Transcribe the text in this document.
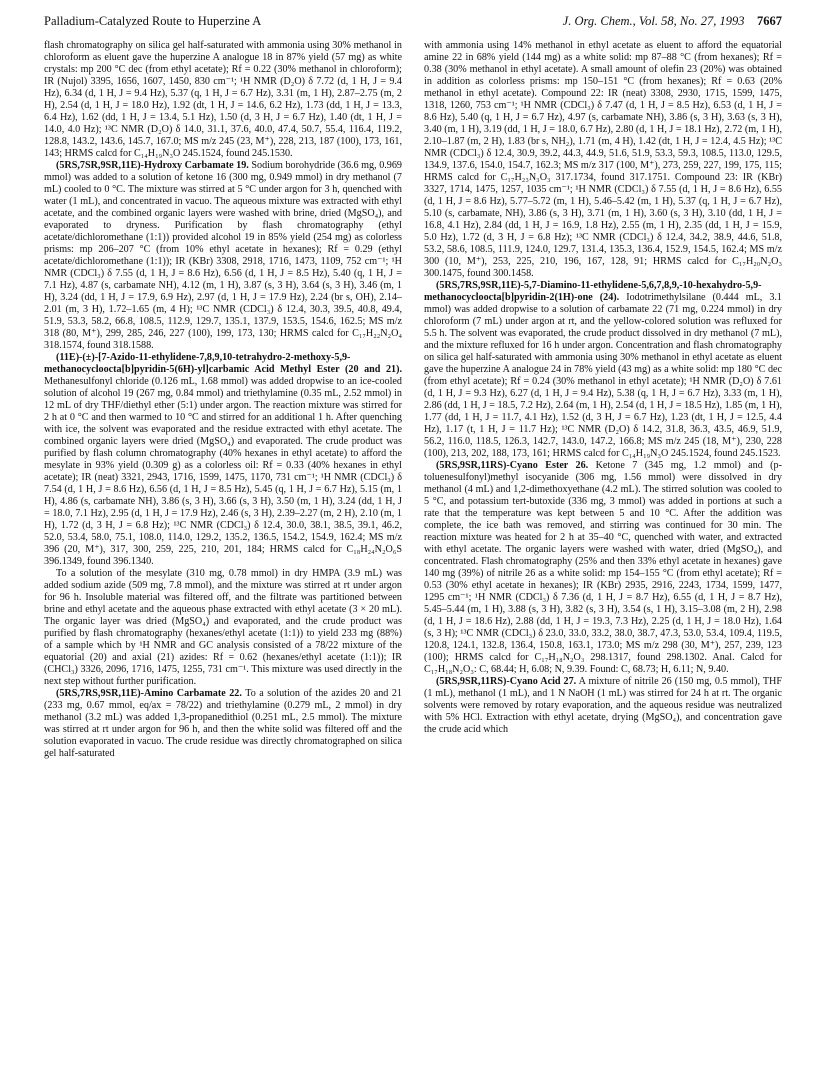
Palladium-Catalyzed Route to Huperzine A	J. Org. Chem., Vol. 58, No. 27, 1993 7667

flash chromatography on silica gel half-saturated with ammonia using 30% methanol in chloroform as eluent gave the huperzine A analogue 18 in 87% yield (57 mg) as white crystals: mp 200 °C dec (from ethyl acetate); Rf = 0.22 (30% methanol in chloroform); IR (Nujol) 3395, 1656, 1607, 1450, 830 cm⁻¹; ¹H NMR (D₂O) δ 7.72 (d, 1 H, J = 9.4 Hz), 6.34 (d, 1 H, J = 9.4 Hz), 5.37 (q, 1 H, J = 6.7 Hz), 3.31 (m, 1 H), 2.87–2.75 (m, 2 H), 2.54 (d, 1 H, J = 18.0 Hz), 1.92 (dt, 1 H, J = 14.6, 6.2 Hz), 1.73 (dd, 1 H, J = 13.3, 6.4 Hz), 1.62 (dd, 1 H, J = 13.4, 5.1 Hz), 1.50 (d, 3 H, J = 6.7 Hz), 1.40 (dt, 1 H, J = 14.0, 4.0 Hz); ¹³C NMR (D₂O) δ 14.0, 31.1, 37.6, 40.0, 47.4, 50.7, 55.4, 116.4, 119.2, 128.8, 143.2, 143.6, 145.7, 167.0; MS m/z 245 (23, M⁺), 228, 213, 187 (100), 173, 161, 143; HRMS calcd for C₁₄H₁₉N₃O 245.1524, found 245.1530.

(5RS,7SR,9SR,11E)-Hydroxy Carbamate 19. Sodium borohydride (36.6 mg, 0.969 mmol) was added to a solution of ketone 16 (300 mg, 0.949 mmol) in dry methanol (7 mL) cooled to 0 °C. The mixture was stirred at 5 °C under argon for 3 h, quenched with water (1 mL), and concentrated in vacuo. The aqueous mixture was extracted with ethyl acetate, and the combined organic layers were washed with brine, dried (MgSO₄), and evaporated to dryness. Purification by flash chromatography (ethyl acetate/dichloromethane (1:1)) provided alcohol 19 in 85% yield (254 mg) as colorless prisms: mp 206–207 °C (from 10% ethyl acetate in hexanes); Rf = 0.29 (ethyl acetate/dichloromethane (1:1)); IR (KBr) 3308, 2918, 1716, 1473, 1109, 752 cm⁻¹; ¹H NMR (CDCl₃) δ 7.55 (d, 1 H, J = 8.6 Hz), 6.56 (d, 1 H, J = 8.5 Hz), 5.40 (q, 1 H, J = 7.1 Hz), 4.87 (s, carbamate NH), 4.12 (m, 1 H), 3.87 (s, 3 H), 3.64 (s, 3 H), 3.46 (m, 1 H), 3.24 (dd, 1 H, J = 17.9, 6.9 Hz), 2.97 (d, 1 H, J = 17.9 Hz), 2.24 (br s, OH), 2.14–2.01 (m, 3 H), 1.72–1.65 (m, 4 H); ¹³C NMR (CDCl₃) δ 12.4, 30.3, 39.5, 40.8, 49.4, 51.9, 53.3, 58.2, 66.8, 108.5, 112.9, 129.7, 135.1, 137.9, 153.5, 154.6, 162.5; MS m/z 318 (80, M⁺), 299, 285, 246, 227 (100), 199, 173, 130; HRMS calcd for C₁₇H₂₂N₂O₄ 318.1574, found 318.1588.

(11E)-(±)-[7-Azido-11-ethylidene-7,8,9,10-tetrahydro-2-methoxy-5,9-methanocycloocta[b]pyridin-5(6H)-yl]carbamic Acid Methyl Ester (20 and 21). Methanesulfonyl chloride (0.126 mL, 1.68 mmol) was added dropwise to an ice-cooled solution of alcohol 19 (267 mg, 0.84 mmol) and triethylamine (0.35 mL, 2.52 mmol) in 12 mL of dry THF/diethyl ether (5:1) under argon. The reaction mixture was stirred for 2 h at 0 °C and then warmed to 10 °C and stirred for an additional 1 h. After quenching with ice, the solvent was evaporated and the residue extracted with ethyl acetate. The combined organic layers were dried (MgSO₄) and evaporated. The crude product was purified by flash column chromatography (40% hexanes in ethyl acetate) to afford the mesylate in 93% yield (0.309 g) as a colorless oil: Rf = 0.33 (40% hexanes in ethyl acetate); IR (neat) 3321, 2943, 1716, 1599, 1475, 1170, 731 cm⁻¹; ¹H NMR (CDCl₃) δ 7.54 (d, 1 H, J = 8.6 Hz), 6.56 (d, 1 H, J = 8.5 Hz), 5.45 (q, 1 H, J = 6.7 Hz), 5.15 (m, 1 H), 4.86 (s, carbamate NH), 3.86 (s, 3 H), 3.66 (s, 3 H), 3.50 (m, 1 H), 3.24 (dd, 1 H, J = 18.0, 7.1 Hz), 2.95 (d, 1 H, J = 17.9 Hz), 2.46 (s, 3 H), 2.39–2.27 (m, 2 H), 2.10 (m, 1 H), 1.72 (d, 3 H, J = 6.8 Hz); ¹³C NMR (CDCl₃) δ 12.4, 30.0, 38.1, 38.5, 39.1, 46.2, 52.0, 53.4, 58.0, 75.1, 108.0, 114.0, 129.2, 135.2, 136.5, 154.2, 154.9, 162.4; MS m/z 396 (20, M⁺), 317, 300, 259, 225, 210, 201, 184; HRMS calcd for C₁₈H₂₄N₂O₆S 396.1349, found 396.1340.

To a solution of the mesylate (310 mg, 0.78 mmol) in dry HMPA (3.9 mL) was added sodium azide (509 mg, 7.8 mmol), and the mixture was stirred at rt under argon for 96 h. Insoluble material was filtered off, and the filtrate was partitioned between brine and ethyl acetate and the aqueous phase extracted with ethyl acetate (3 × 20 mL). The organic layer was dried (MgSO₄) and evaporated, and the crude product was purified by flash chromatography (hexanes/ethyl acetate (1:1)) to yield 233 mg (88%) of a sample which by ¹H NMR and GC analysis consisted of a 78/22 mixture of the equatorial (20) and axial (21) azides: Rf = 0.62 (hexanes/ethyl acetate (1:1)); IR (CHCl₃) 3326, 2096, 1716, 1475, 1255, 731 cm⁻¹. This mixture was used directly in the next step without further purification.

(5RS,7RS,9SR,11E)-Amino Carbamate 22. To a solution of the azides 20 and 21 (233 mg, 0.67 mmol, eq/ax = 78/22) and triethylamine (0.279 mL, 2 mmol) in dry methanol (3.2 mL) was added 1,3-propanedithiol (0.251 mL, 2.5 mmol). The mixture was stirred at rt under argon for 96 h, and then the white solid was filtered off and the solution evaporated in vacuo. The crude residue was directly chromatographed on silica gel half-saturated

with ammonia using 14% methanol in ethyl acetate as eluent to afford the equatorial amine 22 in 68% yield (144 mg) as a white solid: mp 87–88 °C (from hexanes); Rf = 0.38 (30% methanol in ethyl acetate). A small amount of olefin 23 (20%) was obtained in addition as colorless prisms: mp 150–151 °C (from hexanes); Rf = 0.63 (20% methanol in ethyl acetate). Compound 22: IR (neat) 3308, 2930, 1715, 1599, 1475, 1318, 1260, 753 cm⁻¹; ¹H NMR (CDCl₃) δ 7.47 (d, 1 H, J = 8.5 Hz), 6.53 (d, 1 H, J = 8.6 Hz), 5.40 (q, 1 H, J = 6.7 Hz), 4.97 (s, carbamate NH), 3.86 (s, 3 H), 3.63 (s, 3 H), 3.40 (m, 1 H), 3.19 (dd, 1 H, J = 18.0, 6.7 Hz), 2.80 (d, 1 H, J = 18.1 Hz), 2.72 (m, 1 H), 2.10–1.87 (m, 2 H), 1.83 (br s, NH₂), 1.71 (m, 4 H), 1.42 (dt, 1 H, J = 12.4, 4.5 Hz); ¹³C NMR (CDCl₃) δ 12.4, 30.9, 39.2, 44.3, 44.9, 51.6, 51.9, 53.3, 59.3, 108.5, 113.0, 129.5, 134.9, 137.6, 154.0, 154.7, 162.3; MS m/z 317 (100, M⁺), 273, 259, 227, 199, 175, 115; HRMS calcd for C₁₇H₂₃N₃O₃ 317.1734, found 317.1751. Compound 23: IR (KBr) 3327, 1714, 1475, 1257, 1035 cm⁻¹; ¹H NMR (CDCl₃) δ 7.55 (d, 1 H, J = 8.6 Hz), 6.55 (d, 1 H, J = 8.6 Hz), 5.77–5.72 (m, 1 H), 5.46–5.42 (m, 1 H), 5.37 (q, 1 H, J = 6.7 Hz), 5.10 (s, carbamate, NH), 3.86 (s, 3 H), 3.71 (m, 1 H), 3.60 (s, 3 H), 3.10 (dd, 1 H, J = 16.8, 4.1 Hz), 2.84 (dd, 1 H, J = 16.9, 1.8 Hz), 2.55 (m, 1 H), 2.35 (dd, 1 H, J = 15.9, 5.0 Hz), 1.72 (d, 3 H, J = 6.8 Hz); ¹³C NMR (CDCl₃) δ 12.4, 34.2, 38.9, 44.6, 51.8, 53.2, 58.6, 108.5, 111.9, 124.0, 129.7, 131.4, 135.3, 136.4, 152.9, 154.5, 162.4; MS m/z 300 (10, M⁺), 253, 225, 210, 196, 167, 128, 91; HRMS calcd for C₁₇H₂₀N₂O₃ 300.1475, found 300.1458.

(5RS,7RS,9SR,11E)-5,7-Diamino-11-ethylidene-5,6,7,8,9,-10-hexahydro-5,9-methanocycloocta[b]pyridin-2(1H)-one (24). Iodotrimethylsilane (0.444 mL, 3.1 mmol) was added dropwise to a solution of carbamate 22 (71 mg, 0.224 mmol) in dry chloroform (7 mL) under argon at rt, and the yellow-colored solution was refluxed for 5.5 h. The solvent was evaporated, the crude product dissolved in dry methanol (7 mL), and the mixture refluxed for 16 h under argon. Concentration and flash chromatography on silica gel half-saturated with ammonia using 30% methanol in ethyl acetate as eluent gave the huperzine A analogue 24 in 78% yield (43 mg) as a white solid: mp 180 °C dec (from ethyl acetate); Rf = 0.24 (30% methanol in ethyl acetate); ¹H NMR (D₂O) δ 7.61 (d, 1 H, J = 9.3 Hz), 6.27 (d, 1 H, J = 9.4 Hz), 5.38 (q, 1 H, J = 6.7 Hz), 3.33 (m, 1 H), 2.86 (dd, 1 H, J = 18.5, 7.2 Hz), 2.64 (m, 1 H), 2.54 (d, 1 H, J = 18.5 Hz), 1.85 (m, 1 H), 1.77 (dd, 1 H, J = 11.7, 4.1 Hz), 1.52 (d, 3 H, J = 6.7 Hz), 1.23 (dt, 1 H, J = 12.5, 4.4 Hz), 1.17 (t, 1 H, J = 11.7 Hz); ¹³C NMR (D₂O) δ 14.2, 31.8, 36.3, 43.5, 46.9, 51.9, 56.2, 116.0, 118.5, 126.3, 142.7, 143.0, 147.2, 166.8; MS m/z 245 (18, M⁺), 230, 228 (100), 213, 202, 188, 173, 161; HRMS calcd for C₁₄H₁₉N₃O 245.1524, found 245.1523.

(5RS,9SR,11RS)-Cyano Ester 26. Ketone 7 (345 mg, 1.2 mmol) and (p-toluenesulfonyl)methyl isocyanide (306 mg, 1.56 mmol) were dissolved in dry methanol (4 mL) and 1,2-dimethoxyethane (4.2 mL). The stirred solution was cooled to 5 °C, and potassium tert-butoxide (336 mg, 3 mmol) was added in portions at such a rate that the temperature was kept between 5 and 10 °C. After the addition was complete, the ice bath was removed, and stirring was continued for 30 min. The reaction mixture was heated for 2 h at 35–40 °C, quenched with water, and extracted with ethyl acetate. The organic layers were washed with water, dried (MgSO₄), and concentrated. Flash chromatography (25% and then 33% ethyl acetate in hexanes) gave 140 mg (39%) of nitrile 26 as a white solid: mp 154–155 °C (from ethyl acetate); Rf = 0.53 (30% ethyl acetate in hexanes); IR (KBr) 2935, 2916, 2243, 1734, 1599, 1477, 1295 cm⁻¹; ¹H NMR (CDCl₃) δ 7.36 (d, 1 H, J = 8.7 Hz), 6.55 (d, 1 H, J = 8.7 Hz), 5.45–5.44 (m, 1 H), 3.88 (s, 3 H), 3.82 (s, 3 H), 3.54 (s, 1 H), 3.15–3.08 (m, 2 H), 2.98 (d, 1 H, J = 18.6 Hz), 2.88 (dd, 1 H, J = 19.3, 7.3 Hz), 2.25 (d, 1 H, J = 18.0 Hz), 1.64 (s, 3 H); ¹³C NMR (CDCl₃) δ 23.0, 33.0, 33.2, 38.0, 38.7, 47.3, 53.0, 53.4, 109.4, 119.5, 120.8, 124.1, 132.8, 136.4, 150.8, 163.1, 173.0; MS m/z 298 (30, M⁺), 257, 239, 123 (100); HRMS calcd for C₁₇H₁₈N₂O₃ 298.1317, found 298.1302. Anal. Calcd for C₁₇H₁₈N₂O₃: C, 68.44; H, 6.08; N, 9.39. Found: C, 68.73; H, 6.11; N, 9.40.

(5RS,9SR,11RS)-Cyano Acid 27. A mixture of nitrile 26 (150 mg, 0.5 mmol), THF (1 mL), methanol (1 mL), and 1 N NaOH (1 mL) was stirred for 24 h at rt. The organic solvents were removed by rotary evaporation, and the aqueous residue was neutralized with 5% HCl. Extraction with ethyl acetate, drying (MgSO₄), and concentration gave the crude acid which
